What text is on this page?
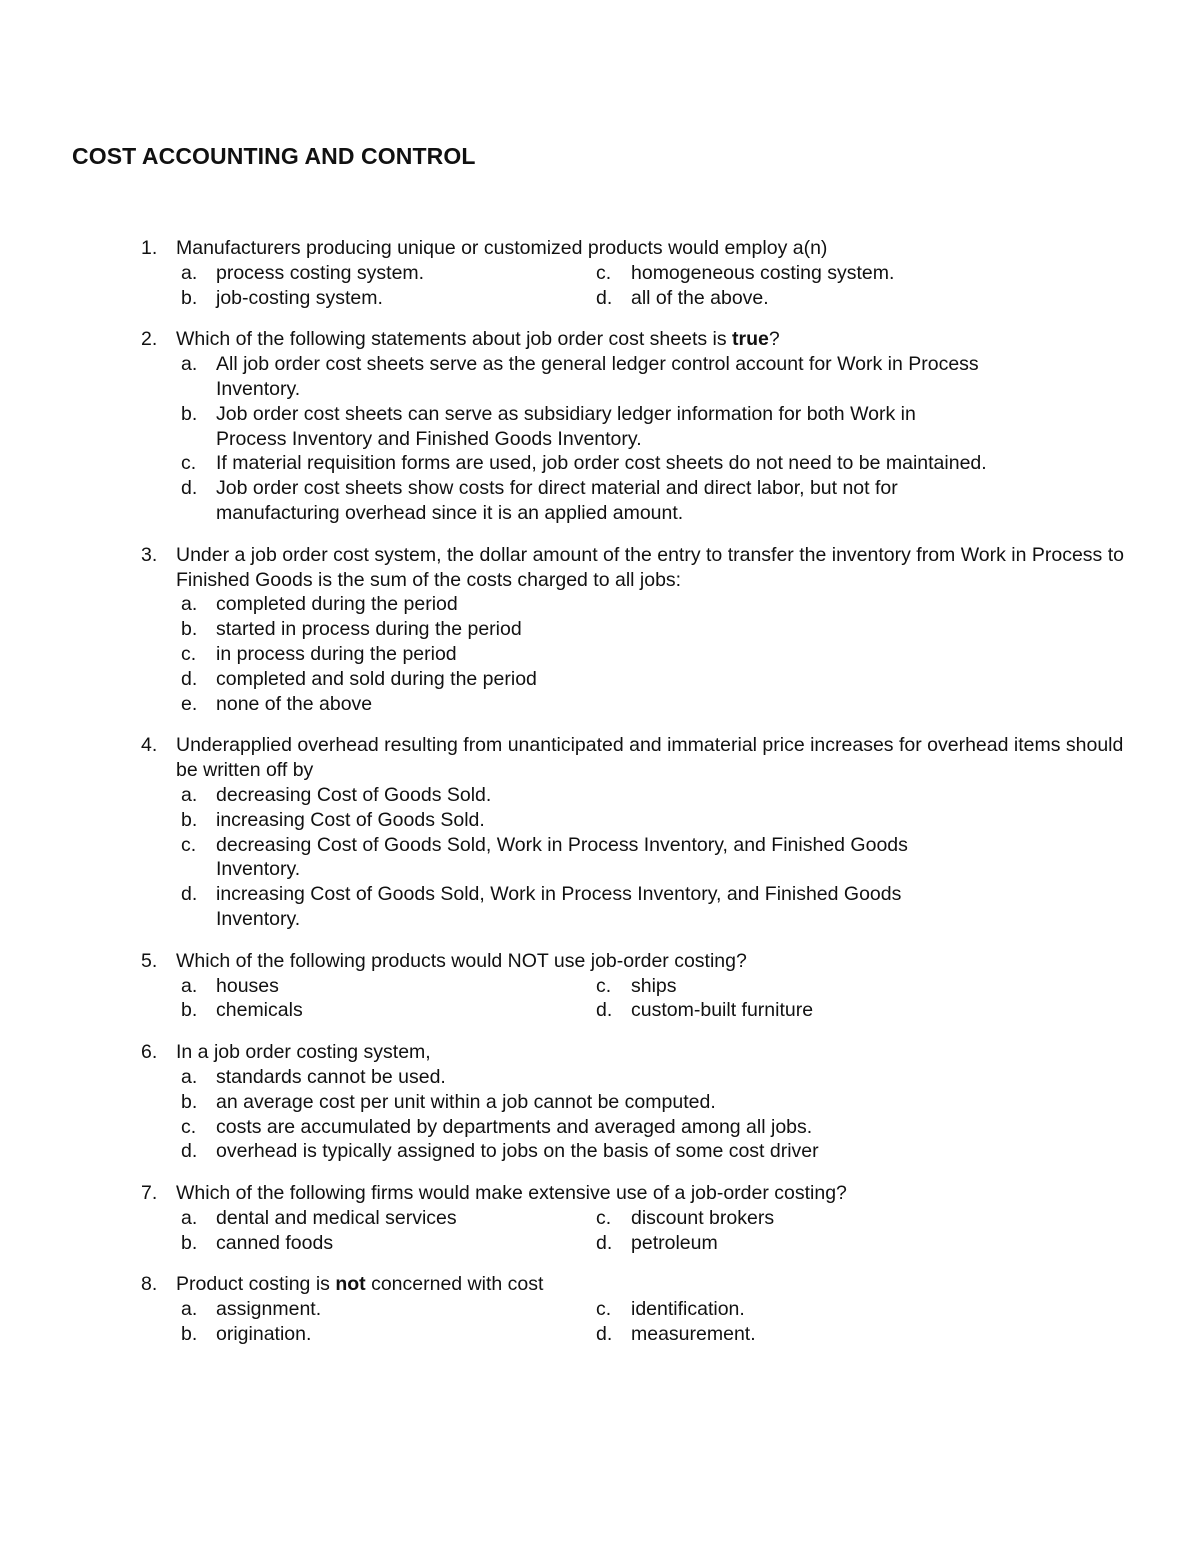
COST ACCOUNTING AND CONTROL
1. Manufacturers producing unique or customized products would employ a(n)
a. process costing system.
b. job-costing system.
c. homogeneous costing system.
d. all of the above.
2. Which of the following statements about job order cost sheets is true?
a. All job order cost sheets serve as the general ledger control account for Work in Process Inventory.
b. Job order cost sheets can serve as subsidiary ledger information for both Work in Process Inventory and Finished Goods Inventory.
c. If material requisition forms are used, job order cost sheets do not need to be maintained.
d. Job order cost sheets show costs for direct material and direct labor, but not for manufacturing overhead since it is an applied amount.
3. Under a job order cost system, the dollar amount of the entry to transfer the inventory from Work in Process to Finished Goods is the sum of the costs charged to all jobs:
a. completed during the period
b. started in process during the period
c. in process during the period
d. completed and sold during the period
e. none of the above
4. Underapplied overhead resulting from unanticipated and immaterial price increases for overhead items should be written off by
a. decreasing Cost of Goods Sold.
b. increasing Cost of Goods Sold.
c. decreasing Cost of Goods Sold, Work in Process Inventory, and Finished Goods Inventory.
d. increasing Cost of Goods Sold, Work in Process Inventory, and Finished Goods Inventory.
5. Which of the following products would NOT use job-order costing?
a. houses
b. chemicals
c. ships
d. custom-built furniture
6. In a job order costing system,
a. standards cannot be used.
b. an average cost per unit within a job cannot be computed.
c. costs are accumulated by departments and averaged among all jobs.
d. overhead is typically assigned to jobs on the basis of some cost driver
7. Which of the following firms would make extensive use of a job-order costing?
a. dental and medical services
b. canned foods
c. discount brokers
d. petroleum
8. Product costing is not concerned with cost
a. assignment.
b. origination.
c. identification.
d. measurement.
